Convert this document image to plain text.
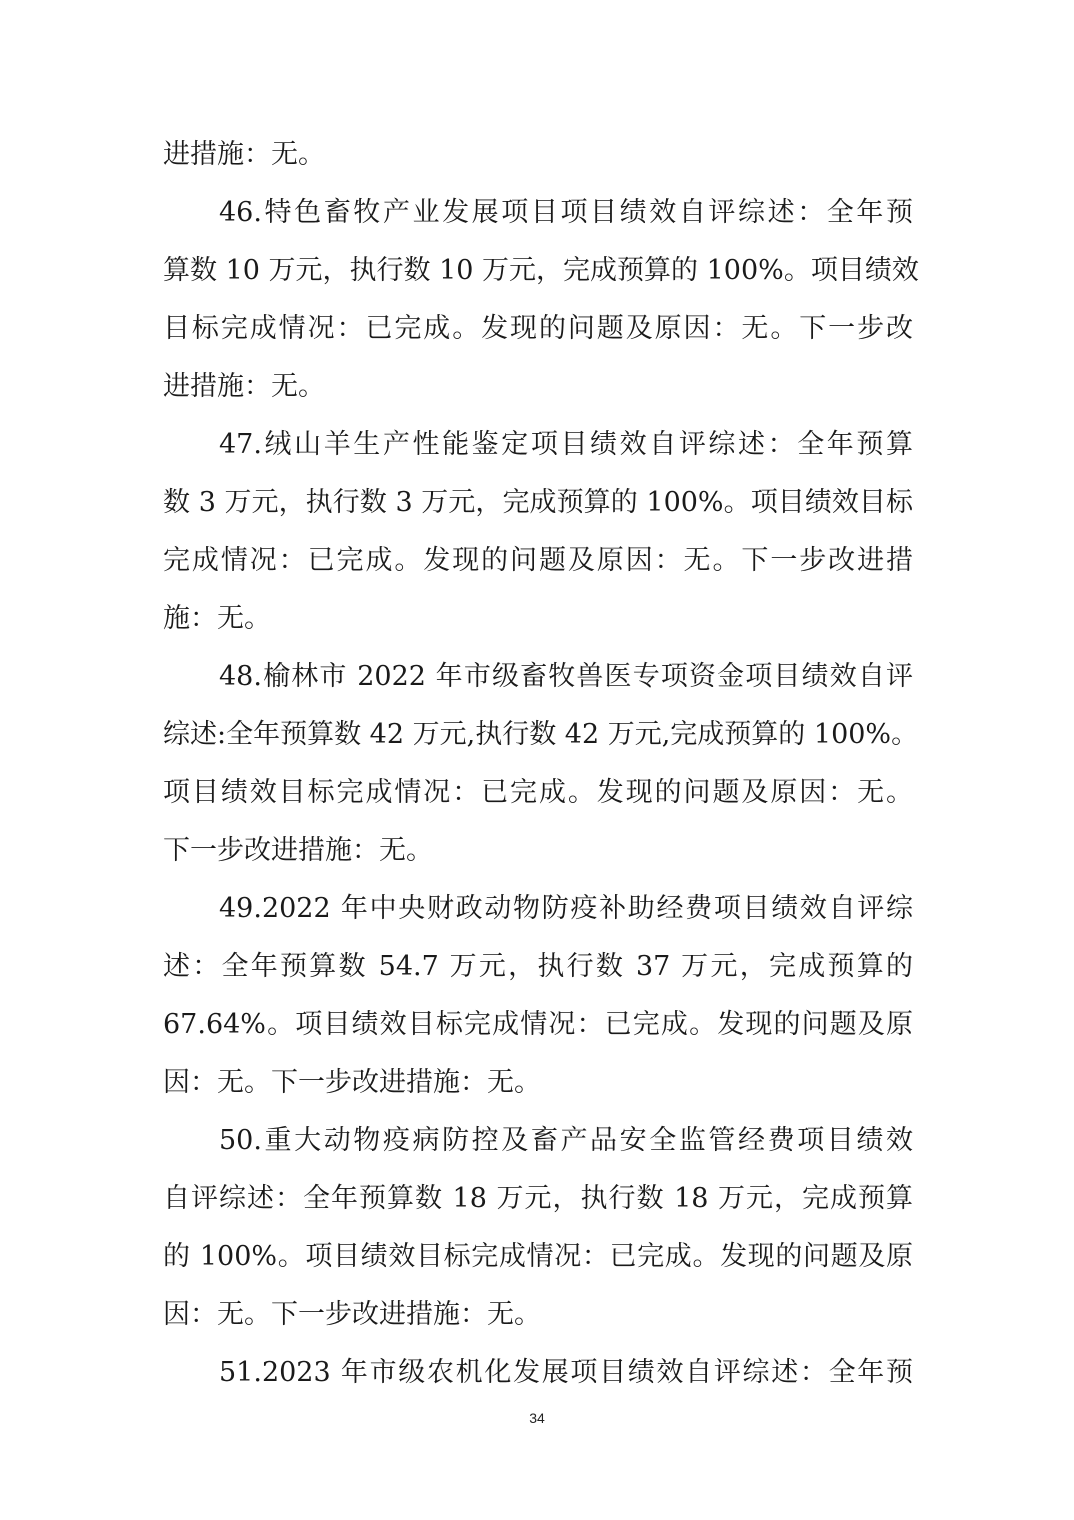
进措施：无。
46.特色畜牧产业发展项目项目绩效自评综述：全年预
算数 10 万元，执行数 10 万元，完成预算的 100%。项目绩效
目标完成情况：已完成。发现的问题及原因：无。下一步改
进措施：无。
47.绒山羊生产性能鉴定项目绩效自评综述：全年预算
数 3 万元，执行数 3 万元，完成预算的 100%。项目绩效目标
完成情况：已完成。发现的问题及原因：无。下一步改进措
施：无。
48.榆林市 2022 年市级畜牧兽医专项资金项目绩效自评
综述:全年预算数 42 万元,执行数 42 万元,完成预算的 100%。
项目绩效目标完成情况：已完成。发现的问题及原因：无。
下一步改进措施：无。
49.2022 年中央财政动物防疫补助经费项目绩效自评综
述：全年预算数 54.7 万元，执行数 37 万元，完成预算的
67.64%。项目绩效目标完成情况：已完成。发现的问题及原
因：无。下一步改进措施：无。
50.重大动物疫病防控及畜产品安全监管经费项目绩效
自评综述：全年预算数 18 万元，执行数 18 万元，完成预算
的 100%。项目绩效目标完成情况：已完成。发现的问题及原
因：无。下一步改进措施：无。
51.2023 年市级农机化发展项目绩效自评综述：全年预
34
